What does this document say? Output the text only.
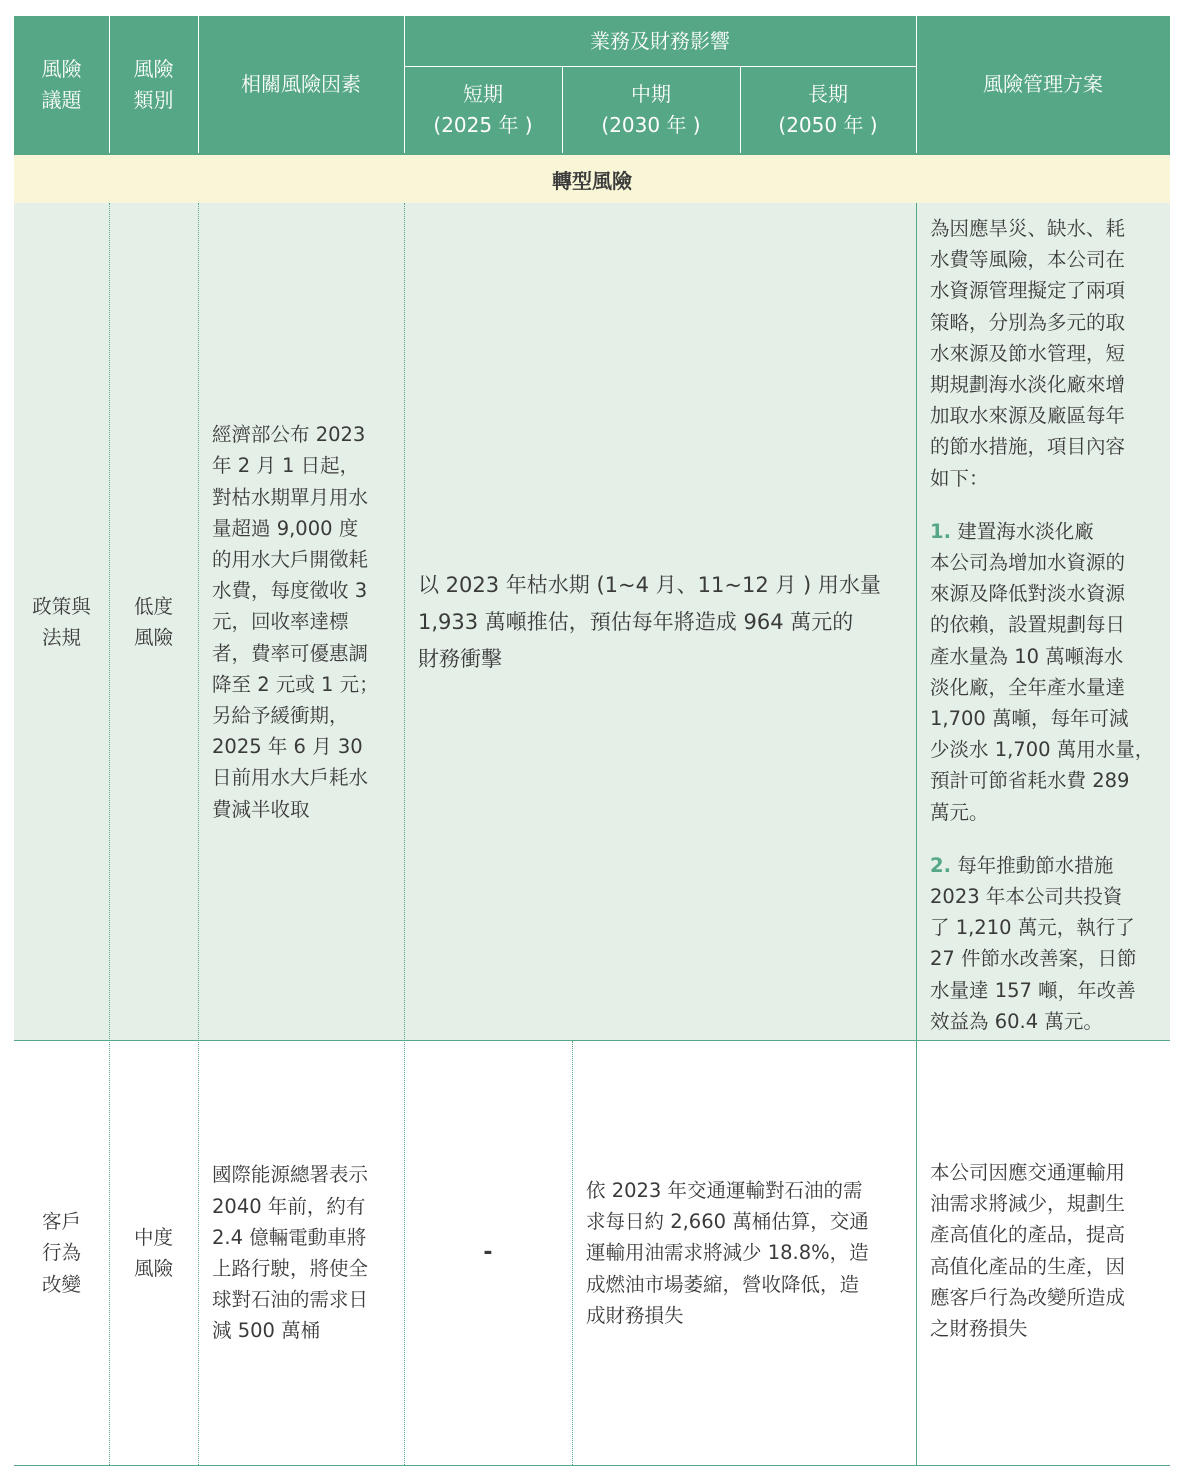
風險
議題
風險
類別
相關風險因素
業務及財務影響
短期
(2025 年 )
中期
(2030 年 )
長期
(2050 年 )
風險管理方案
轉型風險
政策與
法規
低度
風險

經濟部公布 2023

年 2 月 1 日起，

對枯水期單月用水

量超過 9,000 度

的用水大戶開徵耗

水費，每度徵收 3

元，回收率達標

者，費率可優惠調

降至 2 元或 1 元；

另給予緩衝期，

2025 年 6 月 30

日前用水大戶耗水

費減半收取

以 2023 年枯水期 (1~4 月、11~12 月 ) 用水量

1,933 萬噸推估，預估每年將造成 964 萬元的

財務衝擊

為因應旱災、缺水、耗

水費等風險，本公司在

水資源管理擬定了兩項

策略，分別為多元的取

水來源及節水管理，短

期規劃海水淡化廠來增

加取水來源及廠區每年

的節水措施，項目內容

如下：

1. 建置海水淡化廠

本公司為增加水資源的

來源及降低對淡水資源

的依賴，設置規劃每日

產水量為 10 萬噸海水

淡化廠，全年產水量達

1,700 萬噸，每年可減

少淡水 1,700 萬用水量，

預計可節省耗水費 289

萬元。

2. 每年推動節水措施

2023 年本公司共投資

了 1,210 萬元，執行了

27 件節水改善案，日節

水量達 157 噸，年改善

效益為 60.4 萬元。

客戶
行為
改變
中度
風險

國際能源總署表示

2040 年前，約有

2.4 億輛電動車將

上路行駛，將使全

球對石油的需求日

減 500 萬桶

-

依 2023 年交通運輸對石油的需

求每日約 2,660 萬桶估算，交通

運輸用油需求將減少 18.8%，造

成燃油市場萎縮，營收降低，造

成財務損失

本公司因應交通運輸用

油需求將減少，規劃生

產高值化的產品，提高

高值化產品的生產，因

應客戶行為改變所造成

之財務損失
